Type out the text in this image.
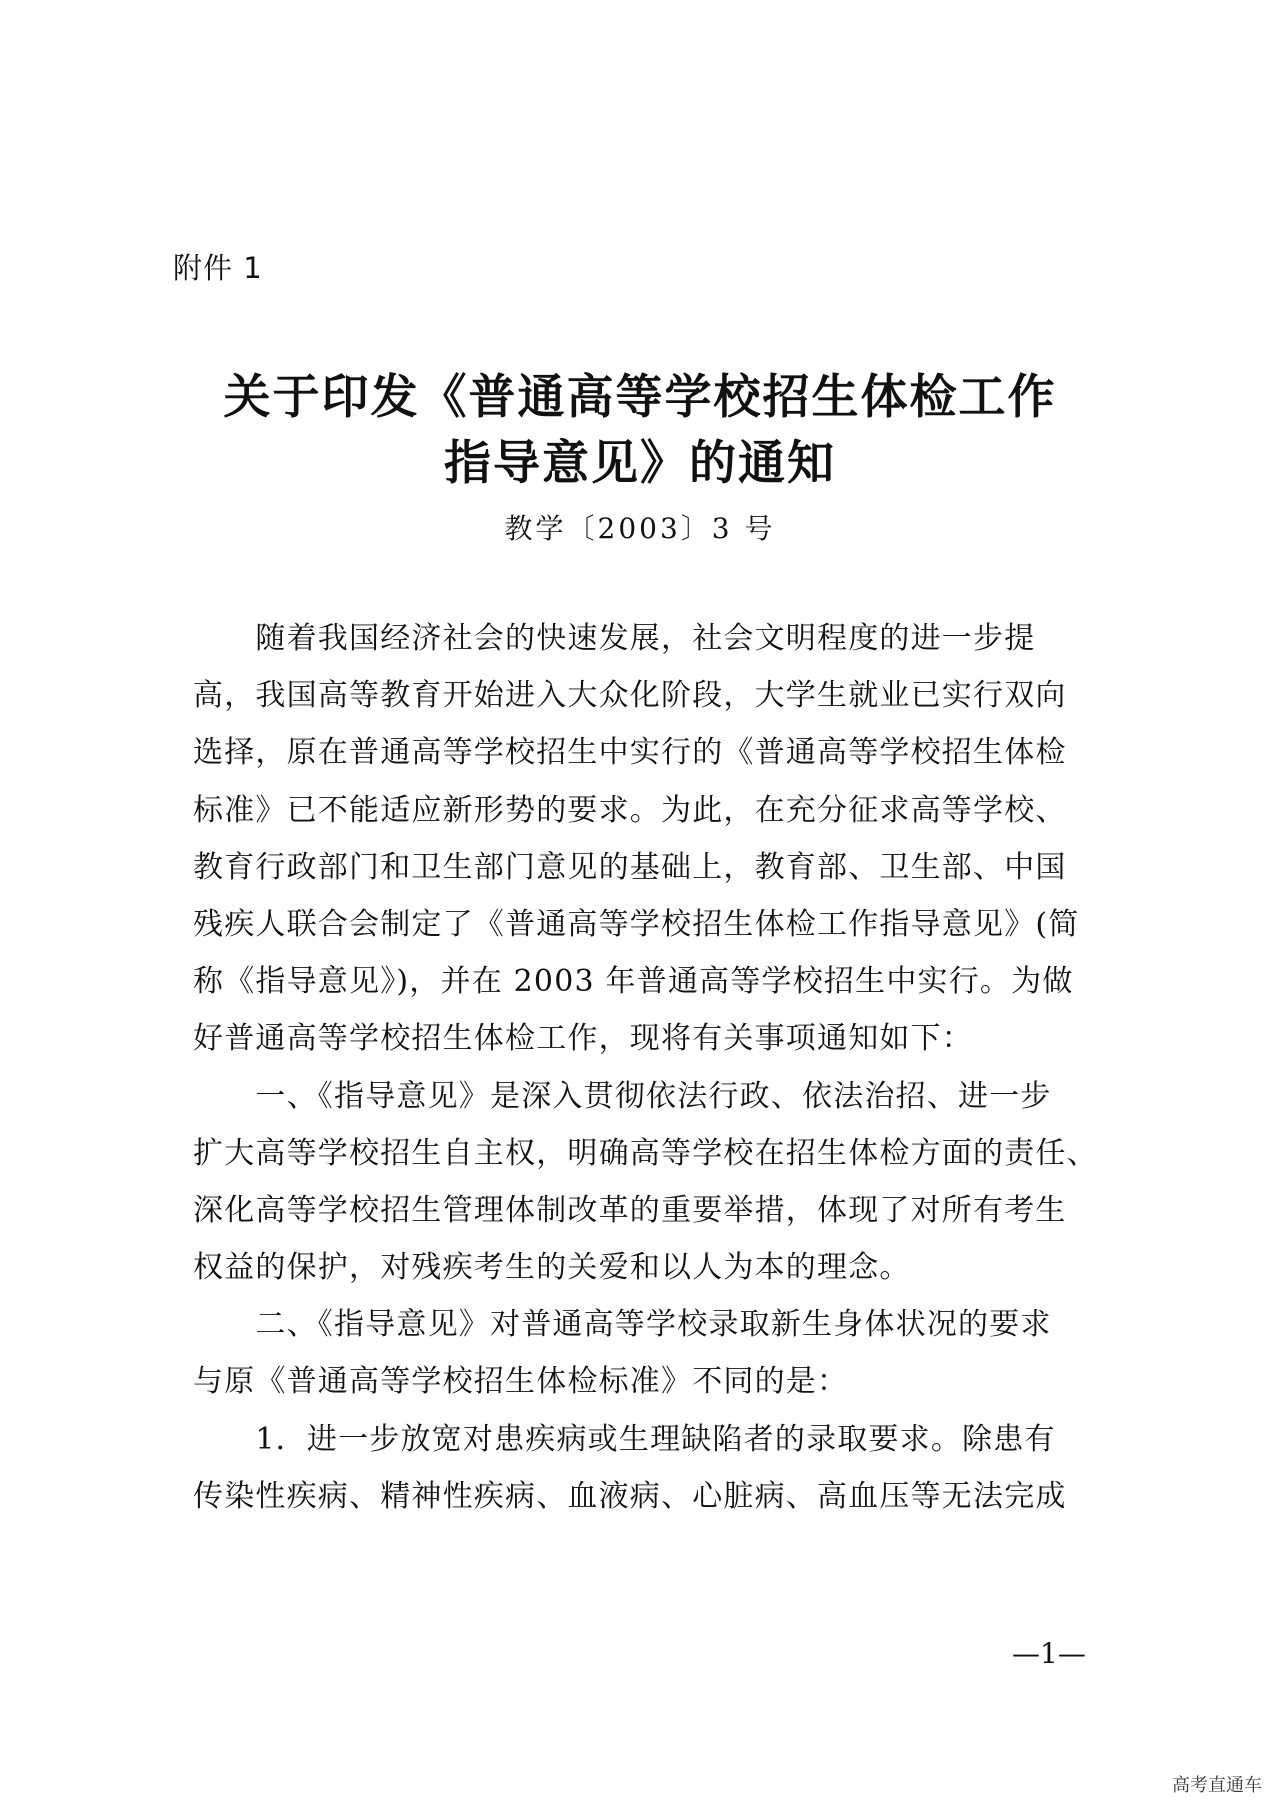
附件 1
关于印发《普通高等学校招生体检工作
指导意见》的通知
教学〔2003〕3 号
　　随着我国经济社会的快速发展，社会文明程度的进一步提
高，我国高等教育开始进入大众化阶段，大学生就业已实行双向
选择，原在普通高等学校招生中实行的《普通高等学校招生体检
标准》已不能适应新形势的要求。为此，在充分征求高等学校、
教育行政部门和卫生部门意见的基础上，教育部、卫生部、中国
残疾人联合会制定了《普通高等学校招生体检工作指导意见》(简
称《指导意见》)，并在 2003 年普通高等学校招生中实行。为做
好普通高等学校招生体检工作，现将有关事项通知如下：
　　一、《指导意见》是深入贯彻依法行政、依法治招、进一步
扩大高等学校招生自主权，明确高等学校在招生体检方面的责任、
深化高等学校招生管理体制改革的重要举措，体现了对所有考生
权益的保护，对残疾考生的关爱和以人为本的理念。
　　二、《指导意见》对普通高等学校录取新生身体状况的要求
与原《普通高等学校招生体检标准》不同的是：
　　1．进一步放宽对患疾病或生理缺陷者的录取要求。除患有
传染性疾病、精神性疾病、血液病、心脏病、高血压等无法完成
—1—
高考直通车
